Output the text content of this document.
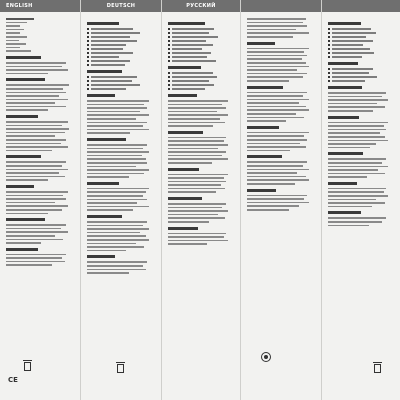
ENGLISH
CE
DEUTSCH	РУССКИЙ
